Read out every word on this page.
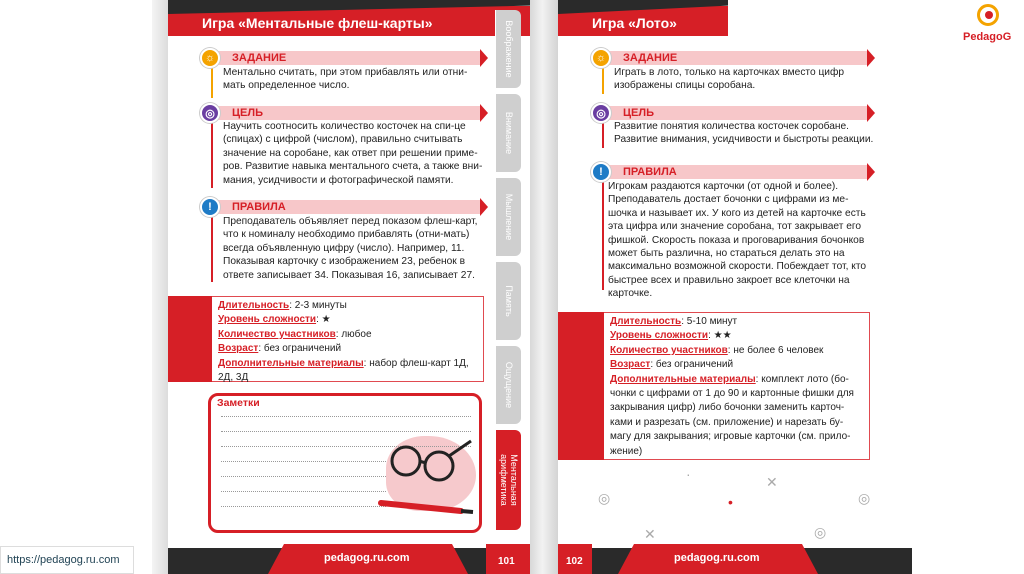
Игра «Ментальные флеш-карты»
ЗАДАНИЕ
☼
Ментально считать, при этом прибавлять или отни-мать определенное число.
ЦЕЛЬ
◎
Научить соотносить количество косточек на спи-це (спицах) с цифрой (числом), правильно считывать значение на соробане, как ответ при решении приме-ров. Развитие навыка ментального счета, а также вни-мания, усидчивости и фотографической памяти.
ПРАВИЛА
!
Преподаватель объявляет перед показом флеш-карт, что к номиналу необходимо прибавлять (отни-мать) всегда объявленную цифру (число). Например, 11. Показывая карточку с изображением 23, ребенок в ответе записывает 34. Показывая 16, записывает 27.
Длительность: 2-3 минуты
Уровень сложности: ★
Количество участников: любое
Возраст: без ограничений
Дополнительные материалы: набор флеш-карт 1Д, 2Д, 3Д
Заметки
Воображение
Внимание
Мышление
Память
Ощущение
Ментальная арифметика
pedagog.ru.com	101
Игра «Лото»
ЗАДАНИЕ
☼
Играть в лото, только на карточках вместо цифр изображены спицы соробана.
ЦЕЛЬ
◎
Развитие понятия количества косточек соробане. Развитие внимания, усидчивости и быстроты реакции.
ПРАВИЛА
!
Игрокам раздаются карточки (от одной и более). Преподаватель достает бочонки с цифрами из ме-шочка и называет их. У кого из детей на карточке есть эта цифра или значение соробана, тот закрывает его фишкой. Скорость показа и проговаривания бочонков может быть различна, но стараться делать это на максимально возможной скорости. Побеждает тот, кто быстрее всех и правильно закроет все клеточки на карточке.
Длительность: 5-10 минут
Уровень сложности: ★★
Количество участников: не более 6 человек
Возраст: без ограничений
Дополнительные материалы: комплект лото (бо-чонки с цифрами от 1 до 90 и картонные фишки для закрывания цифр) либо бочонки заменить карточ-ками и разрезать (см. приложение) и нарезать бу-магу для закрывания; игровые карточки (см. прило-жение)
·	✕
◎	•	◎
✕	◎
102	pedagog.ru.com
PedagoG
https://pedagog.ru.com
